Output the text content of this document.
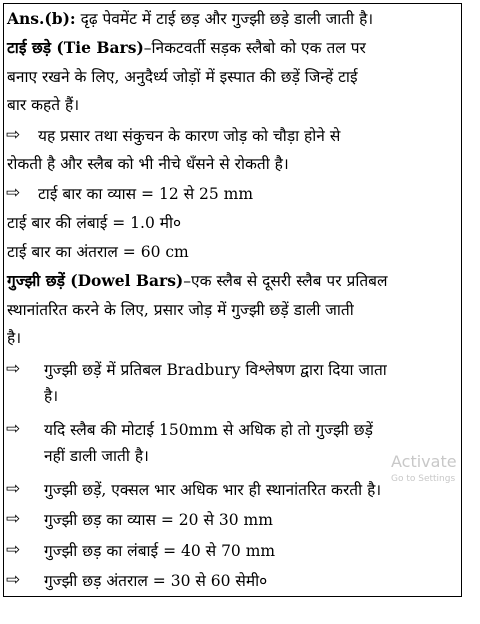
Ans.(b): दृढ़ पेवमेंट में टाई छड़ और गुज्झी छड़े डाली जाती है।
टाई छड़े (Tie Bars)–निकटवर्ती सड़क स्लैबो को एक तल पर
बनाए रखने के लिए, अनुदैर्ध्य जोड़ों में इस्पात की छड़ें जिन्हें टाई
बार कहते हैं।
⇨ यह प्रसार तथा संकुचन के कारण जोड़ को चौड़ा होने से
रोकती है और स्लैब को भी नीचे धँसने से रोकती है।
⇨ टाई बार का व्यास = 12 से 25 mm
टाई बार की लंबाई = 1.0 मी०
टाई बार का अंतराल = 60 cm
गुज्झी छड़ें (Dowel Bars)–एक स्लैब से दूसरी स्लैब पर प्रतिबल
स्थानांतरित करने के लिए, प्रसार जोड़ में गुज्झी छड़ें डाली जाती
है।
⇨ गुज्झी छड़ें में प्रतिबल Bradbury विश्लेषण द्वारा दिया जाता
है।
⇨ यदि स्लैब की मोटाई 150mm से अधिक हो तो गुज्झी छड़ें
नहीं डाली जाती है।	Activate
Go to Settings
⇨ गुज्झी छड़ें, एक्सल भार अधिक भार ही स्थानांतरित करती है।
⇨ गुज्झी छड़ का व्यास = 20 से 30 mm
⇨ गुज्झी छड़ का लंबाई = 40 से 70 mm
⇨ गुज्झी छड़ अंतराल = 30 से 60 सेमी०
